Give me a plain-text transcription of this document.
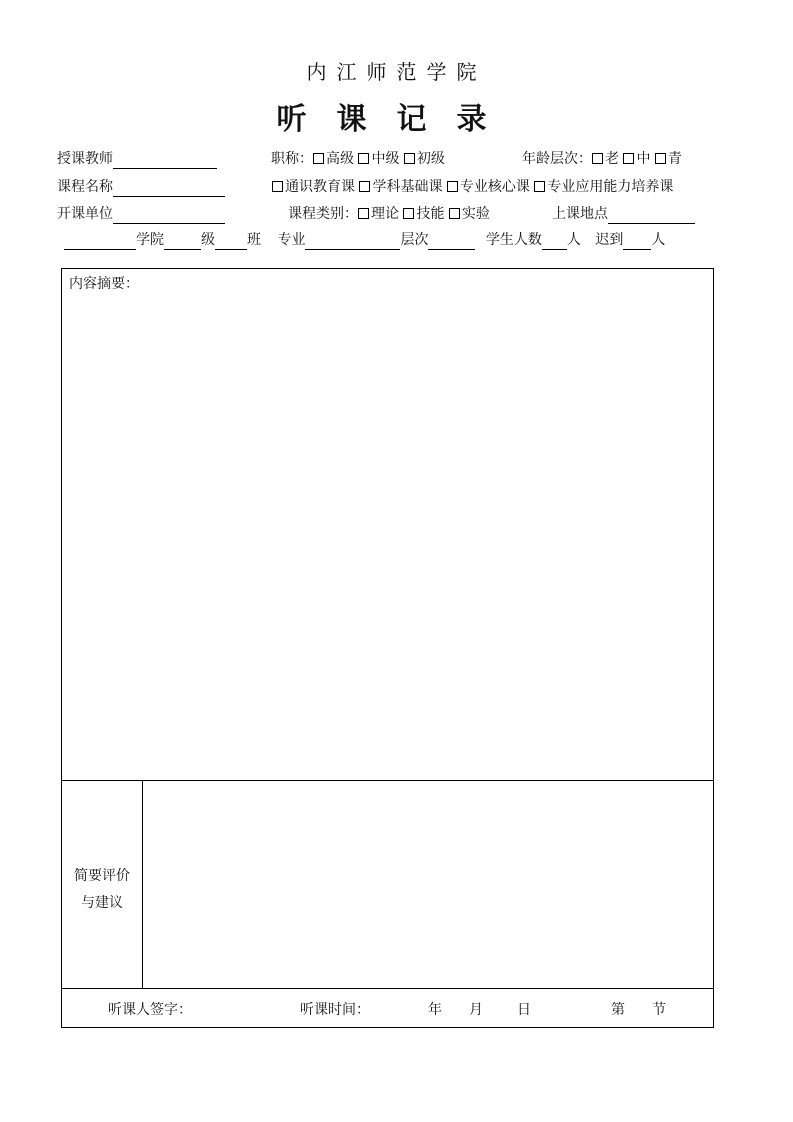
内江师范学院
听课记录
授课教师	职称： 高级 中级 初级	年龄层次： 老 中 青
课程名称	通识教育课 学科基础课 专业核心课 专业应用能力培养课
开课单位	课程类别： 理论 技能 实验	上课地点
学院	级 班 专业	层次	学生人数 人 迟到 人
内容摘要：
简要评价
与建议
听课人签字：	听课时间：	年 月 日	第 节
